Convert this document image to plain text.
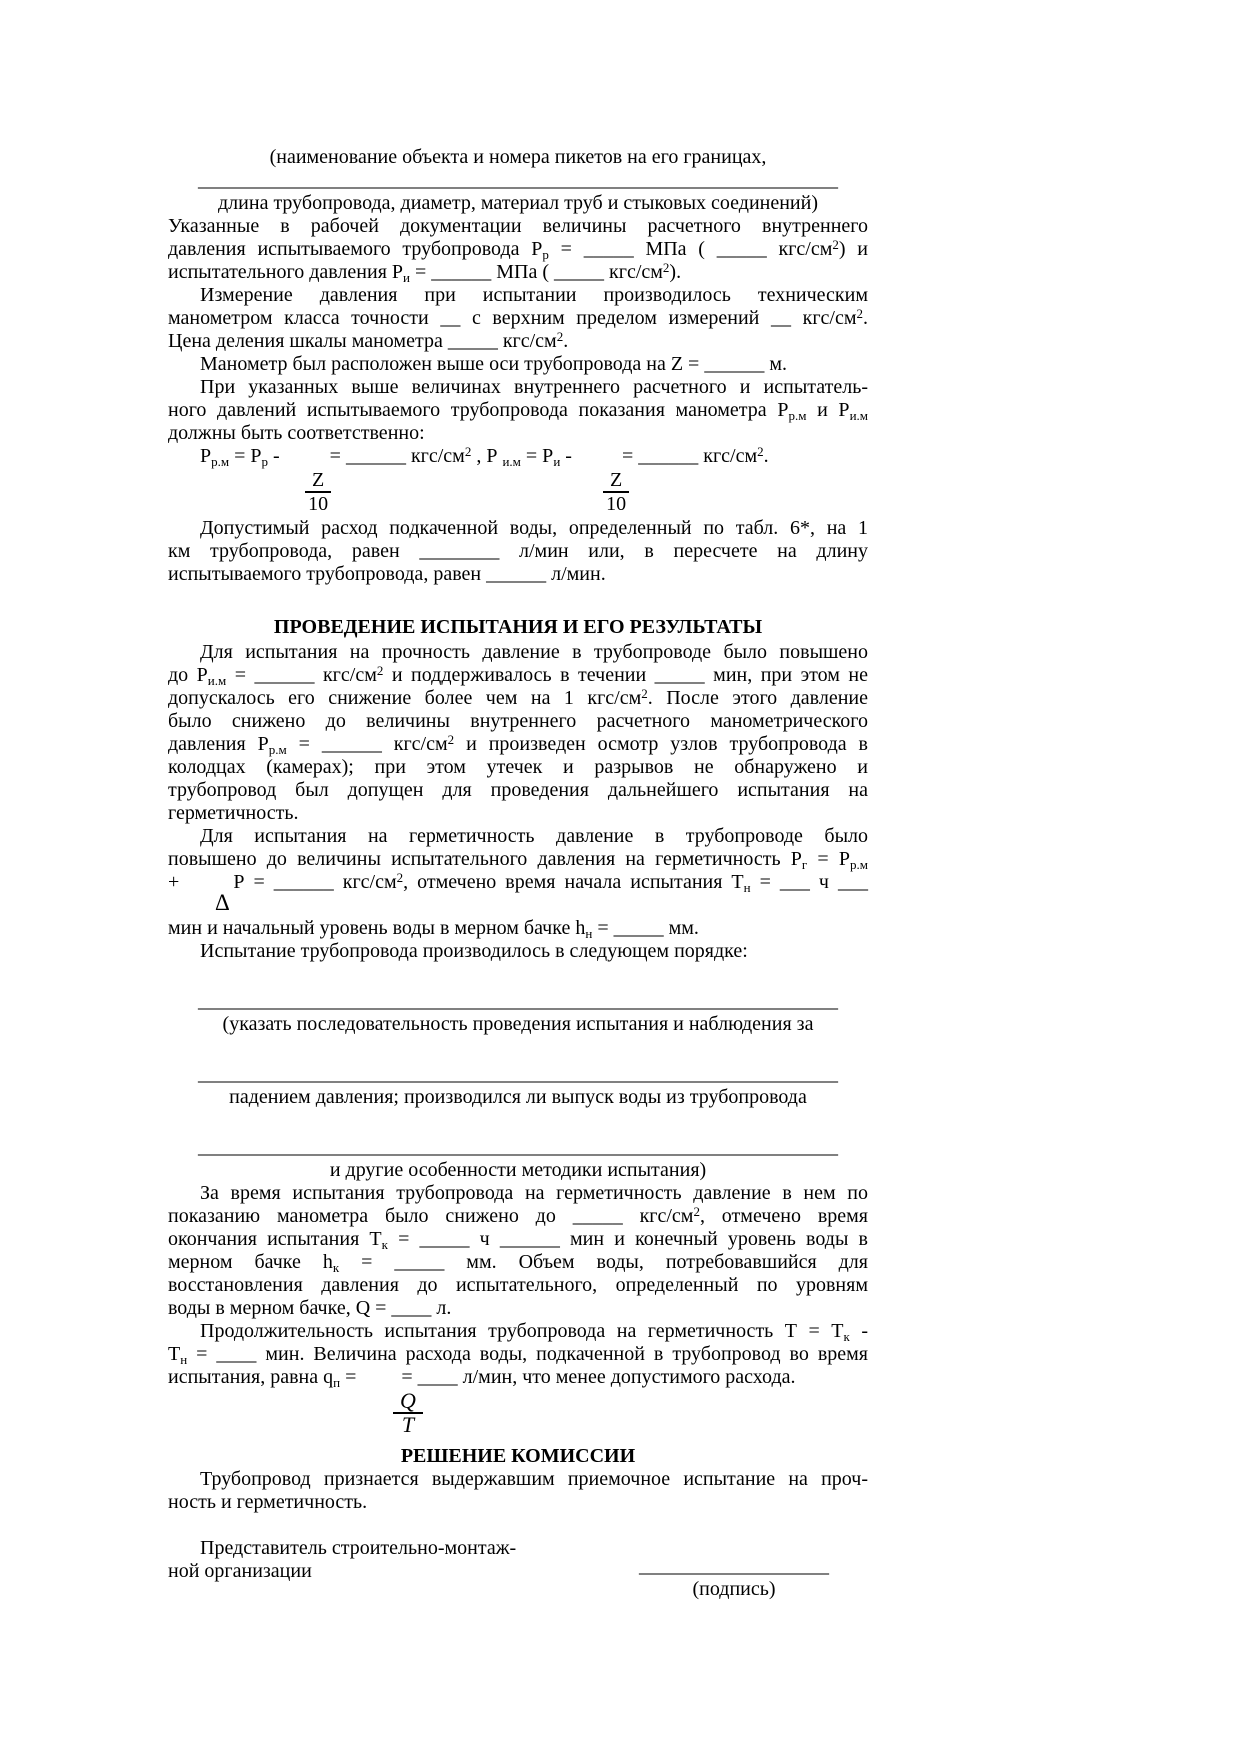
(наименование объекта и номера пикетов на его границах,
________________________________________________________________
длина трубопровода, диаметр, материал труб и стыковых соединений)
Указанные в рабочей документации величины расчетного внутреннего
давления испытываемого трубопровода $Р_р$ = _____ МПа ( _____ кгс/$см^2$) и
испытательного давления $Р_и$ = ______ МПа ( _____ кгс/$см^2$).
Измерение давления при испытании производилось техническим
манометром класса точности __ с верхним пределом измерений __ кгс/$см^2$.
Цена деления шкалы манометра _____ кгс/$см^2$.
Манометр был расположен выше оси трубопровода на Z = ______ м.
При указанных выше величинах внутреннего расчетного и испытатель-
ного давлений испытываемого трубопровода показания манометра $Р_{р.м}$ и $Р_{и.м}$
должны быть соответственно:
$Р_{р.м} = Р_р$ -          = ______ кгс/$см^2$ , Р $_{и.м} = Р_и$ -          = ______ кгс/$см^2$.
$\frac{Z}{10}$	$\frac{Z}{10}$
Допустимый расход подкаченной воды, определенный по табл. 6*, на 1
км трубопровода, равен ________ л/мин или, в пересчете на длину
испытываемого трубопровода, равен ______ л/мин.
ПРОВЕДЕНИЕ ИСПЫТАНИЯ И ЕГО РЕЗУЛЬТАТЫ
Для испытания на прочность давление в трубопроводе было повышено
до $Р_{и.м}$ = ______ кгс/$см^2$ и поддерживалось в течении _____ мин, при этом не
допускалось его снижение более чем на 1 кгс/$см^2$. После этого давление
было снижено до величины внутреннего расчетного манометрического
давления $Р_{р.м}$ = ______ кгс/$см^2$ и произведен осмотр узлов трубопровода в
колодцах (камерах); при этом утечек и разрывов не обнаружено и
трубопровод был допущен для проведения дальнейшего испытания на
герметичность.
Для испытания на герметичность давление в трубопроводе было
повышено до величины испытательного давления на герметичность $Р_г = Р_{р.м}$
+      Р = ______ кгс/$см^2$, отмечено время начала испытания $Т_н$ = ___ ч ___
Δ
мин и начальный уровень воды в мерном бачке $h_н$ = _____ мм.
Испытание трубопровода производилось в следующем порядке:
________________________________________________________________
(указать последовательность проведения испытания и наблюдения за
________________________________________________________________
падением давления; производился ли выпуск воды из трубопровода
________________________________________________________________
и другие особенности методики испытания)
За время испытания трубопровода на герметичность давление в нем по
показанию манометра было снижено до _____ кгс/$см^2$, отмечено время
окончания испытания $Т_к$ = _____ ч ______ мин и конечный уровень воды в
мерном бачке $h_к$ = _____ мм. Объем воды, потребовавшийся для
восстановления давления до испытательного, определенный по уровням
воды в мерном бачке, Q = ____ л.
Продолжительность испытания трубопровода на герметичность $Т = Т_к$ -
$Т_н$ = ____ мин. Величина расхода воды, подкаченной в трубопровод во время
испытания, равна $q_п$ =         = ____ л/мин, что менее допустимого расхода.
$\frac{Q}{T}$
РЕШЕНИЕ КОМИССИИ
Трубопровод признается выдержавшим приемочное испытание на проч-
ность и герметичность.
Представитель строительно-монтаж-
ной организации	___________________
(подпись)
